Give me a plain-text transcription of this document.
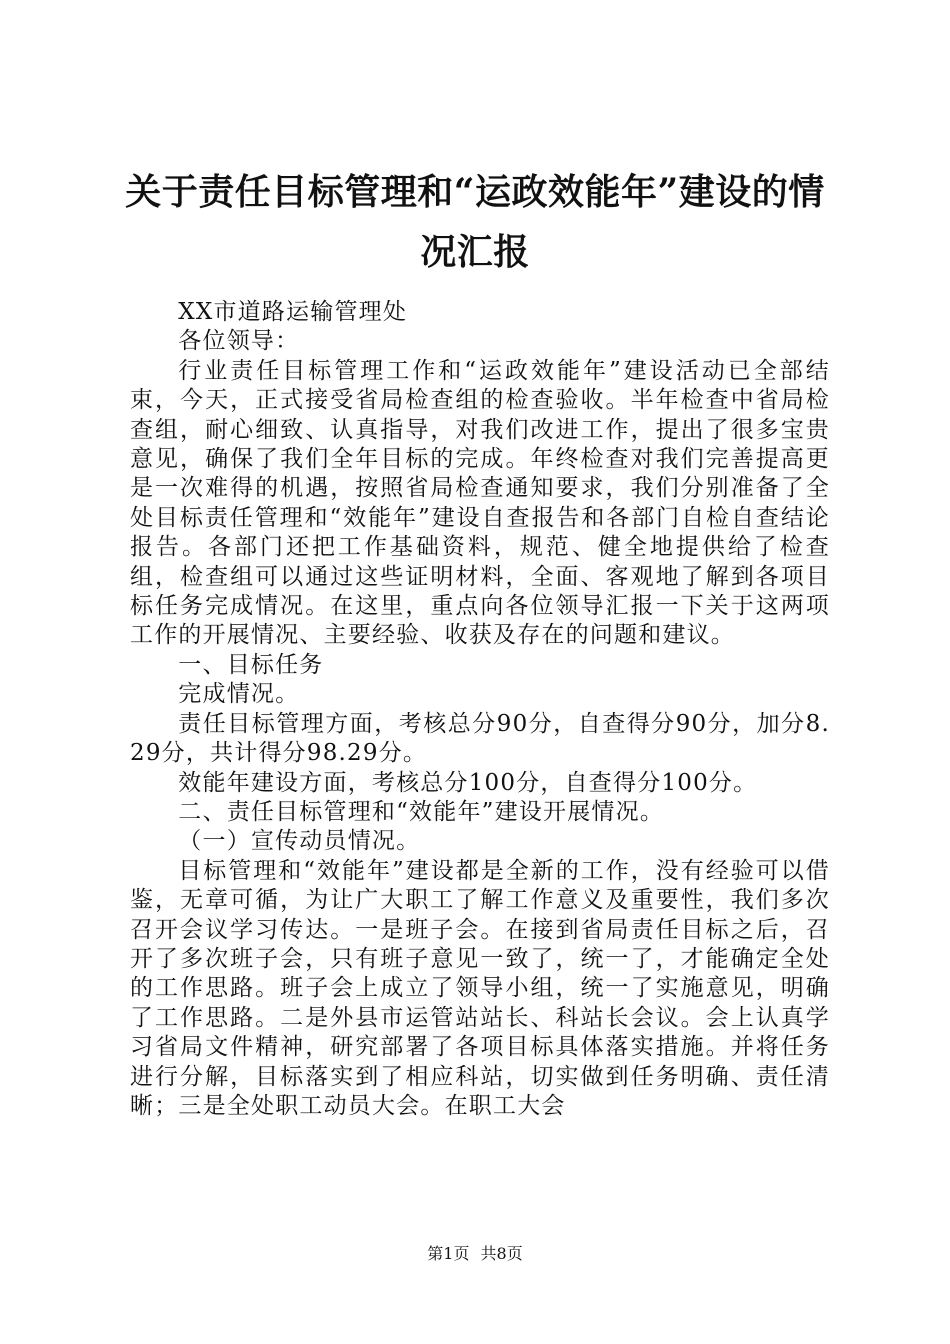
关于责任目标管理和“运政效能年”建设的情况汇报

XX市道路运输管理处

各位领导：

行业责任目标管理工作和“运政效能年”建设活动已全部结束，今天，正式接受省局检查组的检查验收。半年检查中省局检查组，耐心细致、认真指导，对我们改进工作，提出了很多宝贵意见，确保了我们全年目标的完成。年终检查对我们完善提高更是一次难得的机遇，按照省局检查通知要求，我们分别准备了全处目标责任管理和“效能年”建设自查报告和各部门自检自查结论报告。各部门还把工作基础资料，规范、健全地提供给了检查组，检查组可以通过这些证明材料，全面、客观地了解到各项目标任务完成情况。在这里，重点向各位领导汇报一下关于这两项工作的开展情况、主要经验、收获及存在的问题和建议。

一、目标任务

完成情况。

责任目标管理方面，考核总分90分，自查得分90分，加分8.29分，共计得分98.29分。

效能年建设方面，考核总分100分，自查得分100分。

二、责任目标管理和“效能年”建设开展情况。

（一）宣传动员情况。

目标管理和“效能年”建设都是全新的工作，没有经验可以借鉴，无章可循，为让广大职工了解工作意义及重要性，我们多次召开会议学习传达。一是班子会。在接到省局责任目标之后，召开了多次班子会，只有班子意见一致了，统一了，才能确定全处的工作思路。班子会上成立了领导小组，统一了实施意见，明确了工作思路。二是外县市运管站站长、科站长会议。会上认真学习省局文件精神，研究部署了各项目标具体落实措施。并将任务进行分解，目标落实到了相应科站，切实做到任务明确、责任清晰；三是全处职工动员大会。在职工大会

第1页 共8页
